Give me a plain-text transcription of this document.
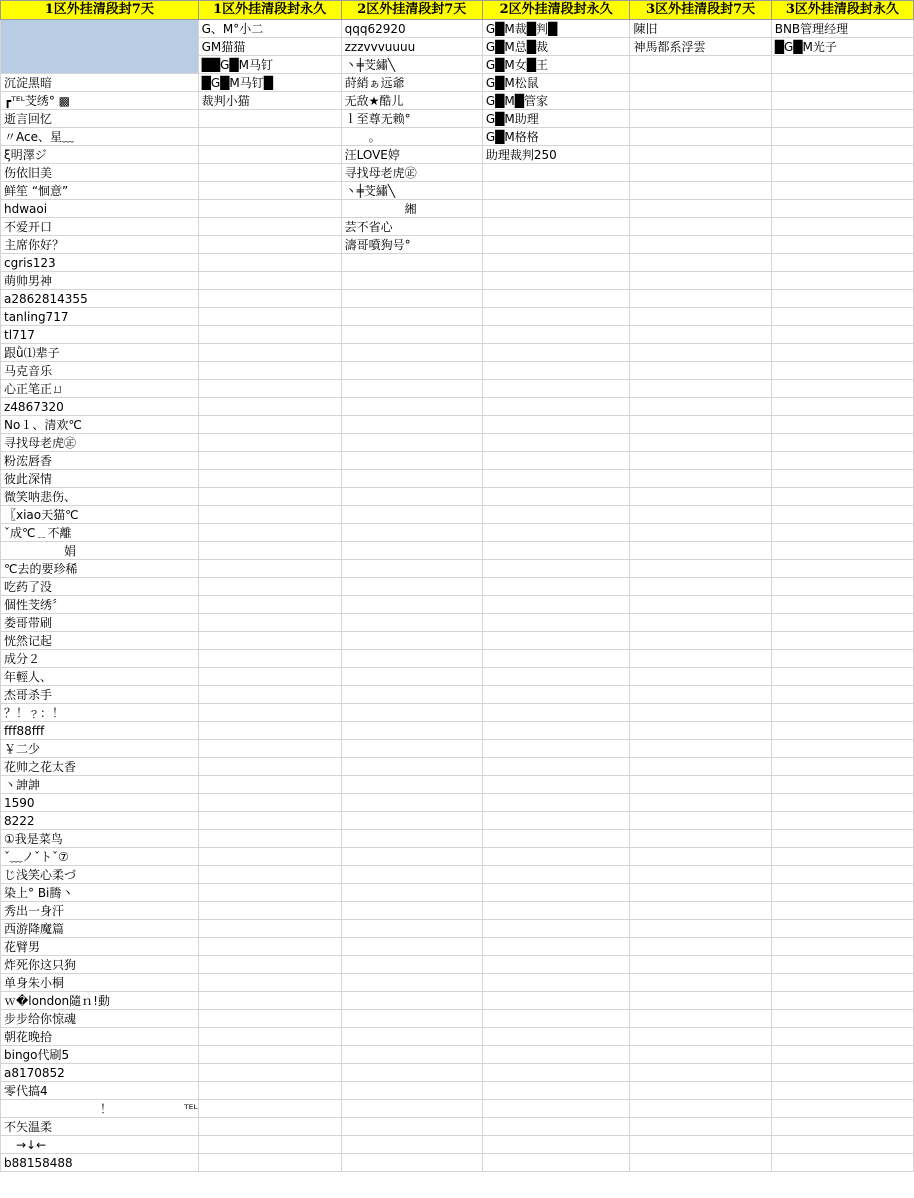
1区外挂清段封7天	1区外挂清段封永久	2区外挂清段封7天	2区外挂清段封永久	3区外挂清段封7天	3区外挂清段封永久
	G、M°小二	qqq62920	G█M裁█判█	陳旧	BNB管理经理
	GM猫猫	zzzvvvuuuu	G█M总█裁	神馬都系浮雲	█G█M光子
	██G█M马钉	丶╪芠繡╲	G█M女█王		
沉淀黑暗	█G█M马钉█	莳綃ぁ远爺	G█M松鼠		
┏ᵀᴱᴸ芠绣° ▩	裁判小猫	无敌★酷儿	G█M█管家		
逝言回忆		ｌ至尊无赖°	G█M助理		
〃Ace、星﹏		　　。	G█M格格		
ξ明澤ジ		汪LOVE婷	助理裁判250		
伤依旧美		寻找母老虎㊣			
鲜笙 “恛意”		丶╪芠繡╲			
hdwaoi		　　　　　緗			
不爱开口		芸不省心			
主席你好？		濤哥噴狗号°			
cgris123					
萌帅男神					
a2862814355					
tanling717					
tl717					
跟ǜ⑴辈子					
马克音乐					
心正笔正ㄩ					
z4867320					
No１、清欢℃					
寻找母老虎㊣					
粉浤唇香					
彼此深情					
微笑呐悲伤、					
〖xiao天猫℃					
ˇ成℃﹎不離					
　　　　　娟					
℃去的要珍稀					
吃药了没					
個性芠绣〞					
娄哥带刷					
恍然记起					
成分２					
年輕人、					
杰哥杀手					
？！﹖：！					
fff88fff					
￥二少					
花帅之花太香					
丶訷訷					
1590					
8222					
①我是菜鸟					
ˇ﹏ノˇトˇ⑦					
じ浅笑心柔づ					
染上° Bi腾丶					
秀出一身汗					
西游降魔篇					
花臂男					
炸死你这只狗					
单身朱小桐					
ｗ�london隨ｎ!動					
步步给你惊魂					
朝花晚拾					
bingo代刷5					
a8170852					
零代搞4					
　　　　　　　　！　　　　　　ᵀᴱᴸ					
不矢温柔					
　→↓←					
b88158488					
